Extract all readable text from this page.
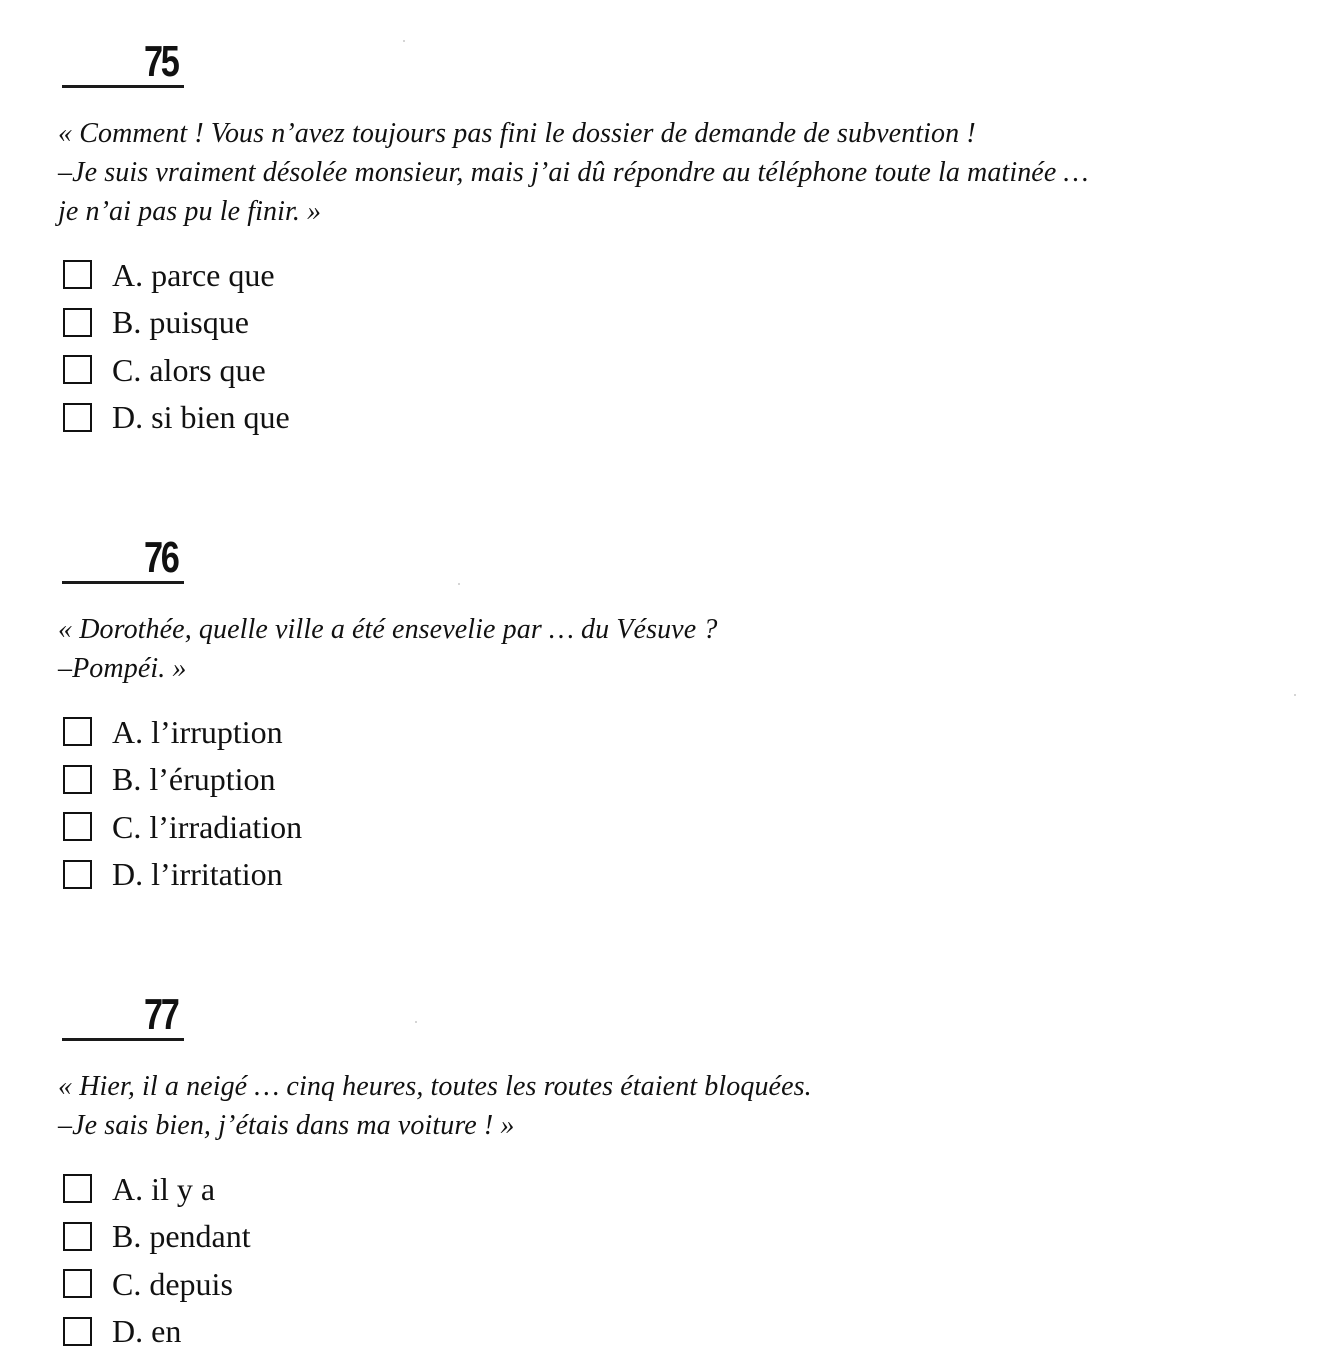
75
« Comment ! Vous n’avez toujours pas fini le dossier de demande de subvention !
–Je suis vraiment désolée monsieur, mais j’ai dû répondre au téléphone toute la matinée …
je n’ai pas pu le finir. »
A. parce que
B. puisque
C. alors que
D. si bien que
76
« Dorothée, quelle ville a été ensevelie par … du Vésuve ?
–Pompéi. »
A. l’irruption
B. l’éruption
C. l’irradiation
D. l’irritation
77
« Hier, il a neigé … cinq heures, toutes les routes étaient bloquées.
–Je sais bien, j’étais dans ma voiture ! »
A. il y a
B. pendant
C. depuis
D. en
